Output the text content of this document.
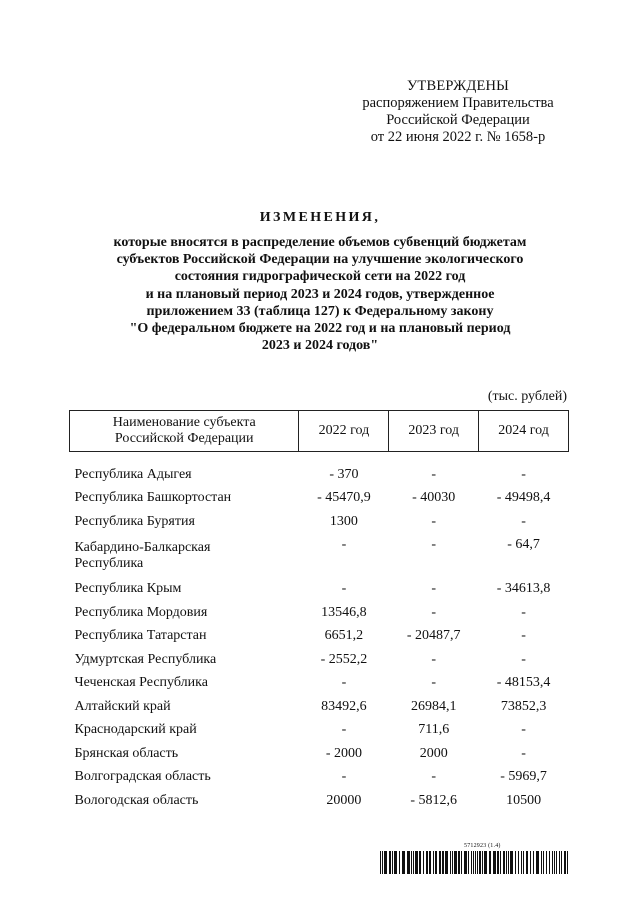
УТВЕРЖДЕНЫ
распоряжением Правительства
Российской Федерации
от 22 июня 2022 г. № 1658-р
ИЗМЕНЕНИЯ,
которые вносятся в распределение объемов субвенций бюджетам
субъектов Российской Федерации на улучшение экологического
состояния гидрографической сети на 2022 год
и на плановый период 2023 и 2024 годов, утвержденное
приложением 33 (таблица 127) к Федеральному закону
"О федеральном бюджете на 2022 год и на плановый период
2023 и 2024 годов"
(тыс. рублей)
Наименование субъекта
Российской Федерации	2022 год	2023 год	2024 год

Республика Адыгея	- 370	-	-
Республика Башкортостан	- 45470,9	- 40030	- 49498,4
Республика Бурятия	1300	-	-

Кабардино-Балкарская
Республика	-	-	- 64,7
Республика Крым	-	-	- 34613,8
Республика Мордовия	13546,8	-	-
Республика Татарстан	6651,2	- 20487,7	-
Удмуртская Республика	- 2552,2	-	-
Чеченская Республика	-	-	- 48153,4
Алтайский край	83492,6	26984,1	73852,3
Краснодарский край	-	711,6	-
Брянская область	- 2000	2000	-
Волгоградская область	-	-	- 5969,7
Вологодская область	20000	- 5812,6	10500
5712923 (1.4)
